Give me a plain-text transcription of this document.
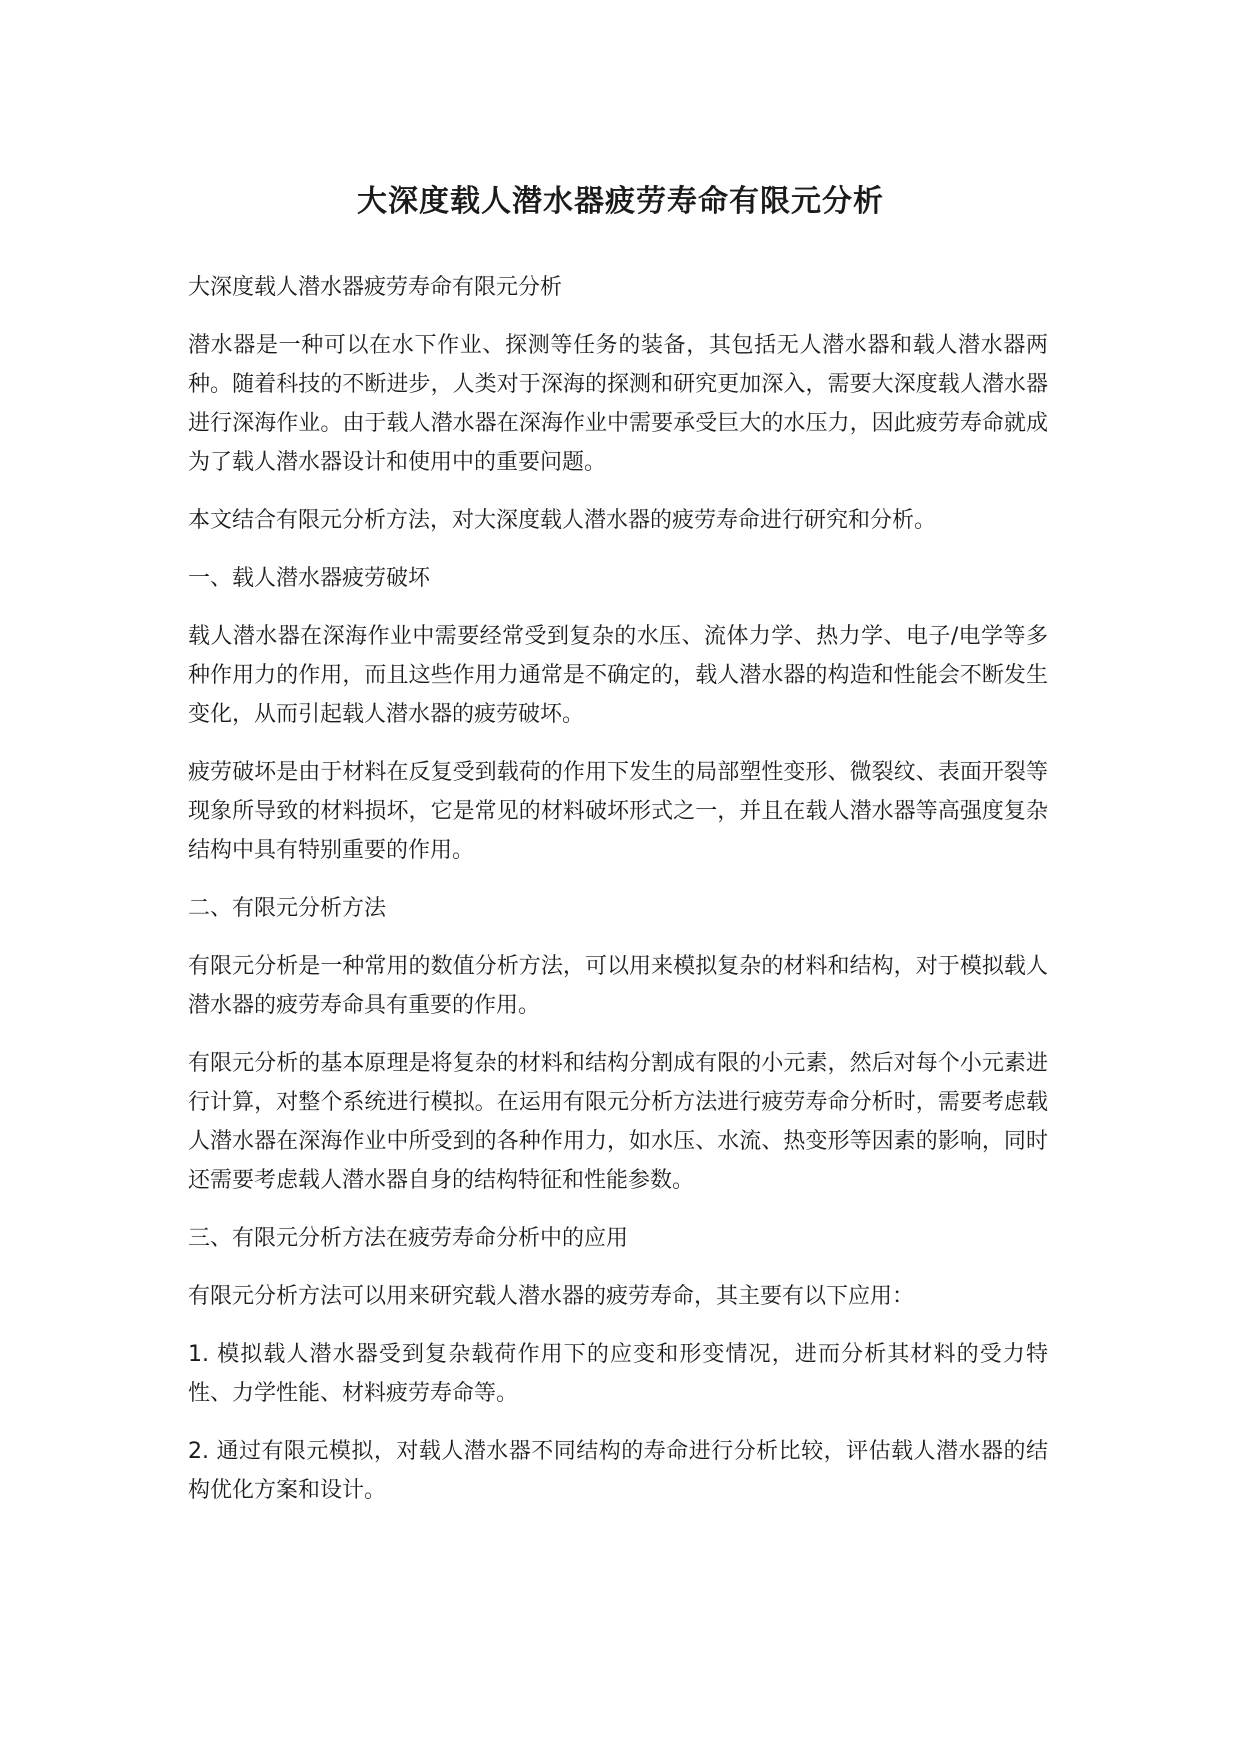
大深度载人潜水器疲劳寿命有限元分析

大深度载人潜水器疲劳寿命有限元分析

潜水器是一种可以在水下作业、探测等任务的装备，其包括无人潜水器和载人潜水器两种。随着科技的不断进步，人类对于深海的探测和研究更加深入，需要大深度载人潜水器进行深海作业。由于载人潜水器在深海作业中需要承受巨大的水压力，因此疲劳寿命就成为了载人潜水器设计和使用中的重要问题。

本文结合有限元分析方法，对大深度载人潜水器的疲劳寿命进行研究和分析。

一、载人潜水器疲劳破坏

载人潜水器在深海作业中需要经常受到复杂的水压、流体力学、热力学、电子/电学等多种作用力的作用，而且这些作用力通常是不确定的，载人潜水器的构造和性能会不断发生变化，从而引起载人潜水器的疲劳破坏。

疲劳破坏是由于材料在反复受到载荷的作用下发生的局部塑性变形、微裂纹、表面开裂等现象所导致的材料损坏，它是常见的材料破坏形式之一，并且在载人潜水器等高强度复杂结构中具有特别重要的作用。

二、有限元分析方法

有限元分析是一种常用的数值分析方法，可以用来模拟复杂的材料和结构，对于模拟载人潜水器的疲劳寿命具有重要的作用。

有限元分析的基本原理是将复杂的材料和结构分割成有限的小元素，然后对每个小元素进行计算，对整个系统进行模拟。在运用有限元分析方法进行疲劳寿命分析时，需要考虑载人潜水器在深海作业中所受到的各种作用力，如水压、水流、热变形等因素的影响，同时还需要考虑载人潜水器自身的结构特征和性能参数。

三、有限元分析方法在疲劳寿命分析中的应用

有限元分析方法可以用来研究载人潜水器的疲劳寿命，其主要有以下应用：

1. 模拟载人潜水器受到复杂载荷作用下的应变和形变情况，进而分析其材料的受力特性、力学性能、材料疲劳寿命等。

2. 通过有限元模拟，对载人潜水器不同结构的寿命进行分析比较，评估载人潜水器的结构优化方案和设计。
